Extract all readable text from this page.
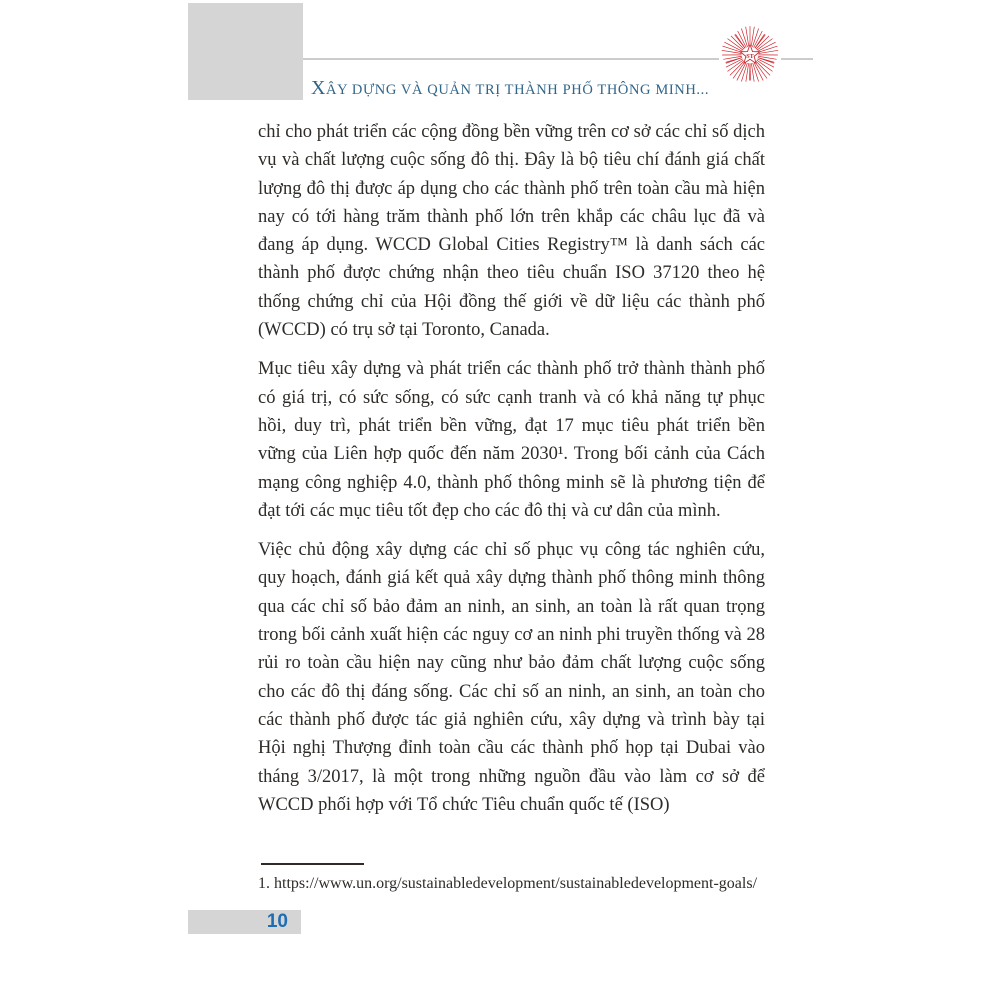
ST
XÂY DỰNG VÀ QUẢN TRỊ THÀNH PHỐ THÔNG MINH...

chỉ cho phát triển các cộng đồng bền vững trên cơ sở các chỉ số dịch vụ và chất lượng cuộc sống đô thị. Đây là bộ tiêu chí đánh giá chất lượng đô thị được áp dụng cho các thành phố trên toàn cầu mà hiện nay có tới hàng trăm thành phố lớn trên khắp các châu lục đã và đang áp dụng. WCCD Global Cities Registry™ là danh sách các thành phố được chứng nhận theo tiêu chuẩn ISO 37120 theo hệ thống chứng chỉ của Hội đồng thế giới về dữ liệu các thành phố (WCCD) có trụ sở tại Toronto, Canada.

Mục tiêu xây dựng và phát triển các thành phố trở thành thành phố có giá trị, có sức sống, có sức cạnh tranh và có khả năng tự phục hồi, duy trì, phát triển bền vững, đạt 17 mục tiêu phát triển bền vững của Liên hợp quốc đến năm 2030¹. Trong bối cảnh của Cách mạng công nghiệp 4.0, thành phố thông minh sẽ là phương tiện để đạt tới các mục tiêu tốt đẹp cho các đô thị và cư dân của mình.

Việc chủ động xây dựng các chỉ số phục vụ công tác nghiên cứu, quy hoạch, đánh giá kết quả xây dựng thành phố thông minh thông qua các chỉ số bảo đảm an ninh, an sinh, an toàn là rất quan trọng trong bối cảnh xuất hiện các nguy cơ an ninh phi truyền thống và 28 rủi ro toàn cầu hiện nay cũng như bảo đảm chất lượng cuộc sống cho các đô thị đáng sống. Các chỉ số an ninh, an sinh, an toàn cho các thành phố được tác giả nghiên cứu, xây dựng và trình bày tại Hội nghị Thượng đỉnh toàn cầu các thành phố họp tại Dubai vào tháng 3/2017, là một trong những nguồn đầu vào làm cơ sở để WCCD phối hợp với Tổ chức Tiêu chuẩn quốc tế (ISO)

1. https://www.un.org/sustainabledevelopment/sustainabledevelopment-goals/
10
